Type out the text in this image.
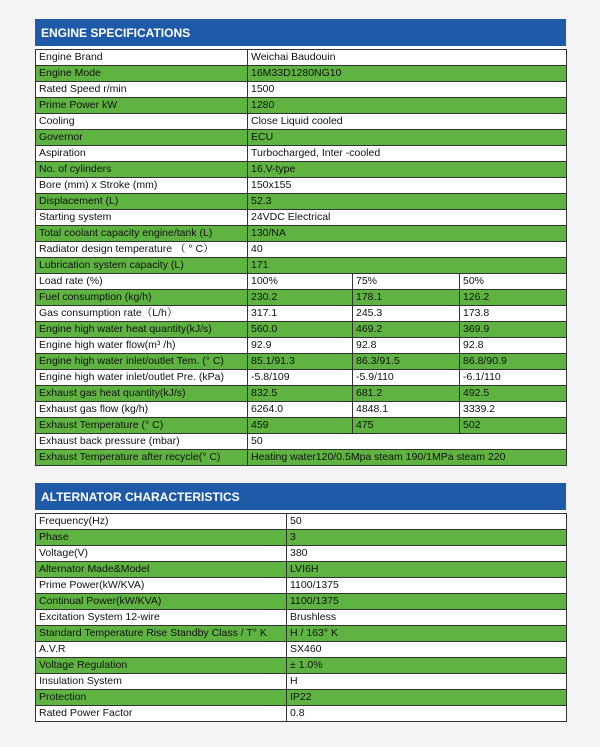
ENGINE SPECIFICATIONS
Engine Brand	Weichai Baudouin		
Engine Mode	16M33D1280NG10		
Rated Speed r/min	1500		
Prime Power kW	1280		
Cooling	Close Liquid cooled		
Governor	ECU		
Aspiration	Turbocharged, Inter -cooled		
No. of cylinders	16,V-type		
Bore (mm) x Stroke (mm)	150x155		
Displacement (L)	52.3		
Starting system	24VDC Electrical		
Total coolant capacity engine/tank (L)	130/NA		
Radiator design temperature （ ° C）	40		
Lubrication system capacity (L)	171		
Load rate (%)	100%	75%	50%
Fuel consumption (kg/h)	230.2	178.1	126.2
Gas consumption rate（L/h）	317.1	245.3	173.8
Engine high water heat quantity(kJ/s)	560.0	469.2	369.9
Engine high water flow(m³ /h)	92.9	92.8	92.8
Engine high water inlet/outlet Tem. (° C)	85.1/91.3	86.3/91.5	86.8/90.9
Engine high water inlet/outlet Pre. (kPa)	-5.8/109	-5.9/110	-6.1/110
Exhaust gas heat quantity(kJ/s)	832.5	681.2	492.5
Exhaust gas flow (kg/h)	6264.0	4848.1	3339.2
Exhaust Temperature (° C)	459	475	502
Exhaust back pressure (mbar)	50		
Exhaust Temperature after recycle(° C)	Heating water120/0.5Mpa steam 190/1MPa steam 220		
ALTERNATOR CHARACTERISTICS
Frequency(Hz)	50
Phase	3
Voltage(V)	380
Alternator Made&Model	LVI6H
Prime Power(kW/KVA)	1100/1375
Continual Power(kW/KVA)	1100/1375
Excitation System 12-wire	Brushless
Standard Temperature Rise Standby Class / T° K	H / 163° K
A.V.R	SX460
Voltage Regulation	± 1.0%
Insulation System	H
Protection	IP22
Rated Power Factor	0.8
